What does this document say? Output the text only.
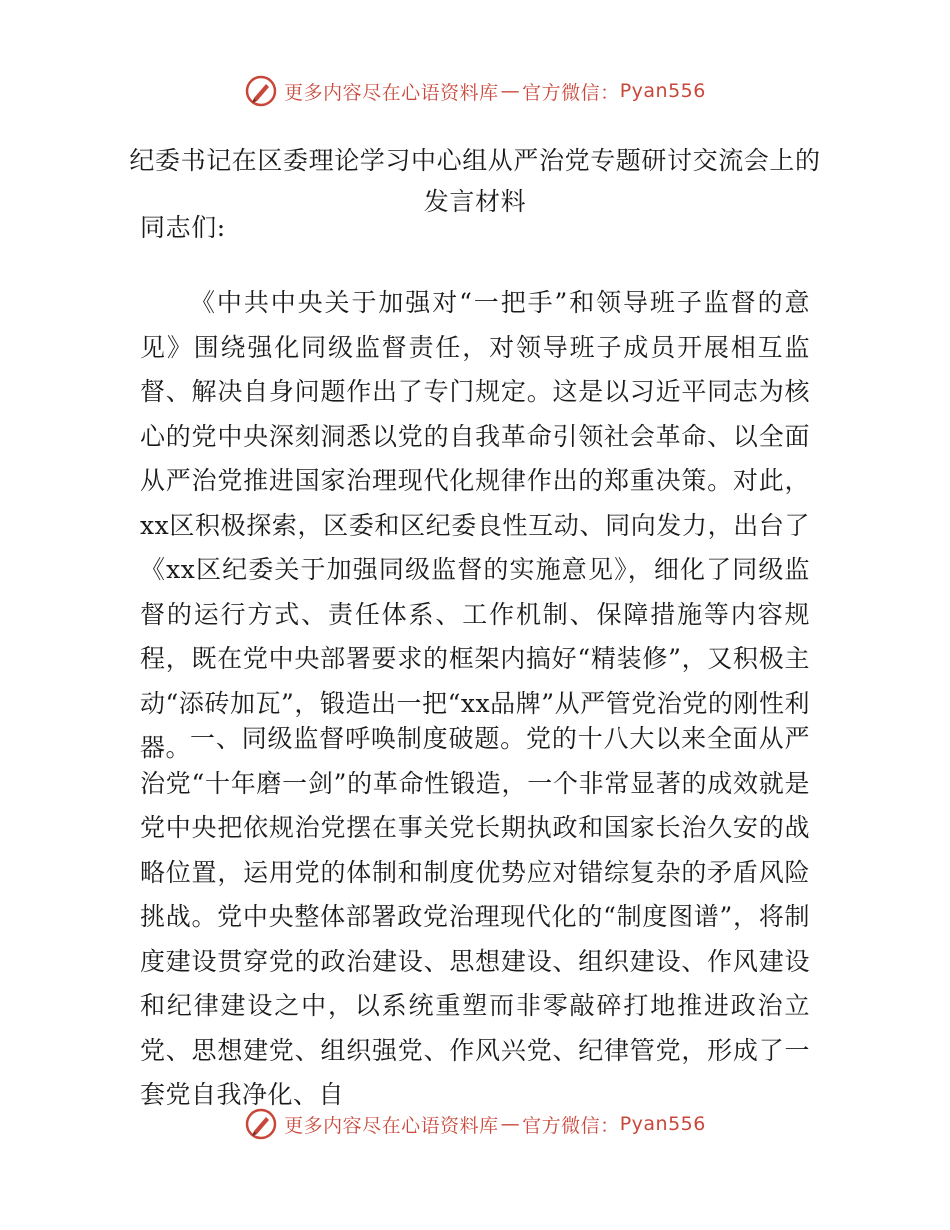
更多内容尽在心语资料库 — 官方微信： Pyan556
纪委书记在区委理论学习中心组从严治党专题研讨交流会上的
发言材料
同志们:

《中共中央关于加强对“一把手”和领导班子监督的意见》围绕强化同级监督责任，对领导班子成员开展相互监督、解决自身问题作出了专门规定。这是以习近平同志为核心的党中央深刻洞悉以党的自我革命引领社会革命、以全面从严治党推进国家治理现代化规律作出的郑重决策。对此，xx区积极探索，区委和区纪委良性互动、同向发力，出台了《xx区纪委关于加强同级监督的实施意见》，细化了同级监督的运行方式、责任体系、工作机制、保障措施等内容规程，既在党中央部署要求的框架内搞好“精装修”，又积极主动“添砖加瓦”，锻造出一把“xx品牌”从严管党治党的刚性利器。

一、同级监督呼唤制度破题。党的十八大以来全面从严治党“十年磨一剑”的革命性锻造，一个非常显著的成效就是党中央把依规治党摆在事关党长期执政和国家长治久安的战略位置，运用党的体制和制度优势应对错综复杂的矛盾风险挑战。党中央整体部署政党治理现代化的“制度图谱”，将制度建设贯穿党的政治建设、思想建设、组织建设、作风建设和纪律建设之中，以系统重塑而非零敲碎打地推进政治立党、思想建党、组织强党、作风兴党、纪律管党，形成了一套党自我净化、自

更多内容尽在心语资料库 — 官方微信： Pyan556
